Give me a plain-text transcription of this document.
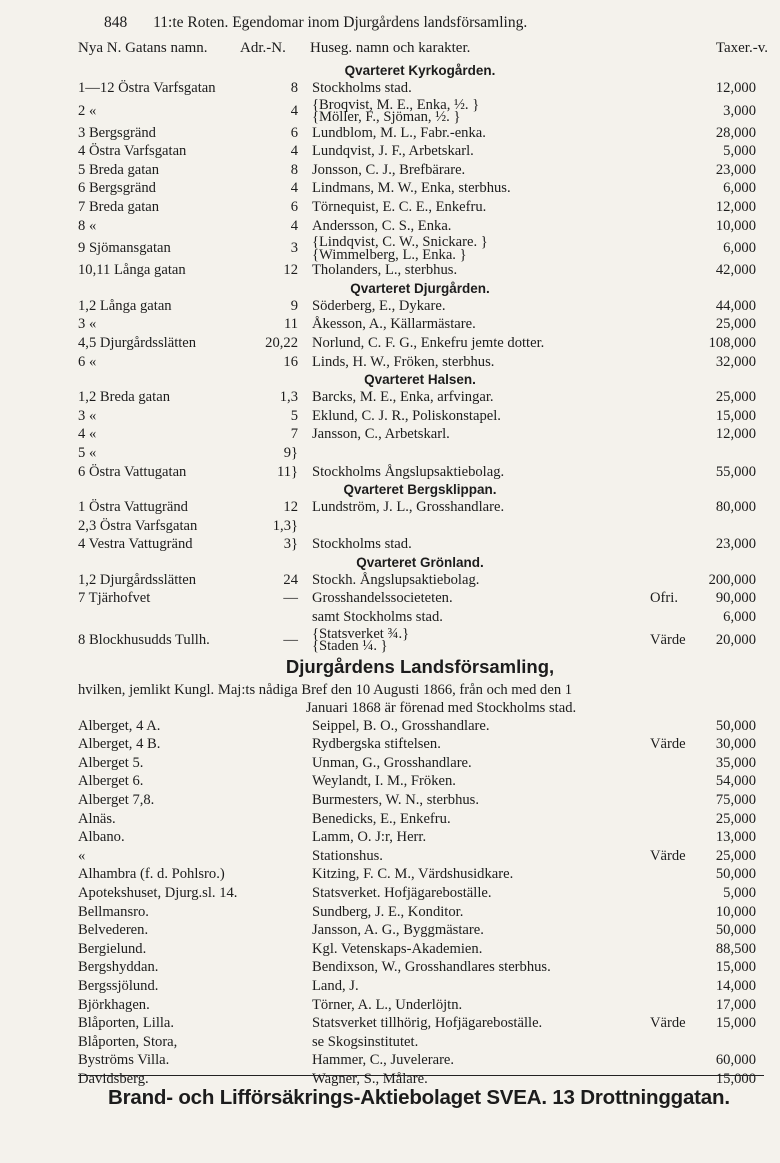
848 11:te Roten. Egendomar inom Djurgårdens landsförsamling.
Nya N. Gatans namn. Adr.-N. Huseg. namn och karakter.	Taxer.-v.
Qvarteret Kyrkogården.
1—12 Östra Varfsgatan	8 Stockholms stad.	12,000
2 «	4 {Broqvist, M. E., Enka, ½. }
{Möller, F., Sjöman, ½. }	3,000
3 Bergsgränd	6 Lundblom, M. L., Fabr.-enka.	28,000
4 Östra Varfsgatan	4 Lundqvist, J. F., Arbetskarl.	5,000
5 Breda gatan	8 Jonsson, C. J., Brefbärare.	23,000
6 Bergsgränd	4 Lindmans, M. W., Enka, sterbhus.	6,000
7 Breda gatan	6 Törnequist, E. C. E., Enkefru.	12,000
8 «	4 Andersson, C. S., Enka.	10,000
9 Sjömansgatan	3 {Lindqvist, C. W., Snickare. }
{Wimmelberg, L., Enka. }	6,000
10,11 Långa gatan	12 Tholanders, L., sterbhus.	42,000
Qvarteret Djurgården.
1,2 Långa gatan	9 Söderberg, E., Dykare.	44,000
3 «	11 Åkesson, A., Källarmästare.	25,000
4,5 Djurgårdsslätten	20,22 Norlund, C. F. G., Enkefru jemte dotter.	108,000
6 «	16 Linds, H. W., Fröken, sterbhus.	32,000
Qvarteret Halsen.
1,2 Breda gatan	1,3 Barcks, M. E., Enka, arfvingar.	25,000
3 «	5 Eklund, C. J. R., Poliskonstapel.	15,000
4 «	7 Jansson, C., Arbetskarl.	12,000
5 «	9}
6 Östra Vattugatan	11} Stockholms Ångslupsaktiebolag.	55,000
Qvarteret Bergsklippan.
1 Östra Vattugränd	12 Lundström, J. L., Grosshandlare.	80,000
2,3 Östra Varfsgatan	1,3}
4 Vestra Vattugränd	3} Stockholms stad.	23,000
Qvarteret Grönland.
1,2 Djurgårdsslätten	24 Stockh. Ångslupsaktiebolag.	200,000
7 Tjärhofvet	— Grosshandelssocieteten.	Ofri.	90,000
samt Stockholms stad.	6,000
8 Blockhusudds Tullh.	— {Statsverket ¾.}
{Staden ¼. }	Värde 20,000
Djurgårdens Landsförsamling,
hvilken, jemlikt Kungl. Maj:ts nådiga Bref den 10 Augusti 1866, från och med den 1
Januari 1868 är förenad med Stockholms stad.
Alberget, 4 A.	Seippel, B. O., Grosshandlare.	50,000
Alberget, 4 B.	Rydbergska stiftelsen.	Värde 30,000
Alberget 5.	Unman, G., Grosshandlare.	35,000
Alberget 6.	Weylandt, I. M., Fröken.	54,000
Alberget 7,8.	Burmesters, W. N., sterbhus.	75,000
Alnäs.	Benedicks, E., Enkefru.	25,000
Albano.	Lamm, O. J:r, Herr.	13,000
«	Stationshus.	Värde 25,000
Alhambra (f. d. Pohlsro.)	Kitzing, F. C. M., Värdshusidkare.	50,000
Apotekshuset, Djurg.sl. 14.	Statsverket. Hofjägareboställe.	5,000
Bellmansro.	Sundberg, J. E., Konditor.	10,000
Belvederen.	Jansson, A. G., Byggmästare.	50,000
Bergielund.	Kgl. Vetenskaps-Akademien.	88,500
Bergshyddan.	Bendixson, W., Grosshandlares sterbhus.	15,000
Bergssjölund.	Land, J.	14,000
Björkhagen.	Törner, A. L., Underlöjtn.	17,000
Blåporten, Lilla.	Statsverket tillhörig, Hofjägareboställe.	Värde 15,000
Blåporten, Stora,	se Skogsinstitutet.
Byströms Villa.	Hammer, C., Juvelerare.	60,000
Davidsberg.	Wagner, S., Målare.	15,000
Brand- och Lifförsäkrings-Aktiebolaget SVEA. 13 Drottninggatan.
